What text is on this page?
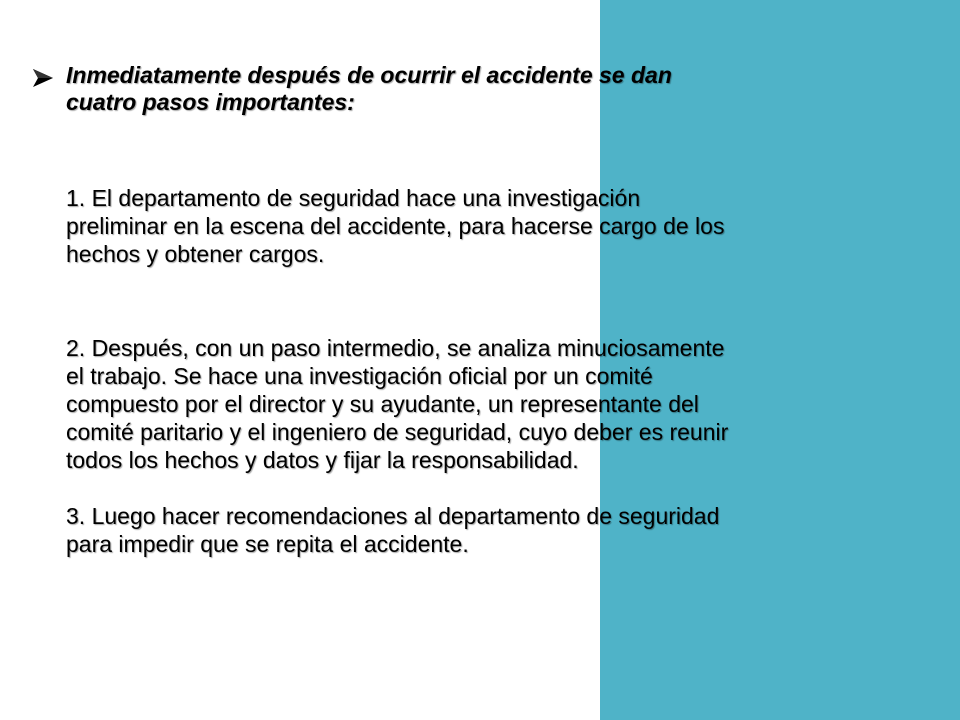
Inmediatamente después de ocurrir el accidente se dan
cuatro pasos importantes:
1. El departamento de seguridad hace una investigación
preliminar en la escena del accidente, para hacerse cargo de los
hechos y obtener cargos.
2. Después, con un paso intermedio, se analiza minuciosamente
el trabajo. Se hace una investigación oficial por un comité
compuesto por el director y su ayudante, un representante del
comité paritario y el ingeniero de seguridad, cuyo deber es reunir
todos los hechos y datos y fijar la responsabilidad.
3. Luego hacer recomendaciones al departamento de seguridad
para impedir que se repita el accidente.
